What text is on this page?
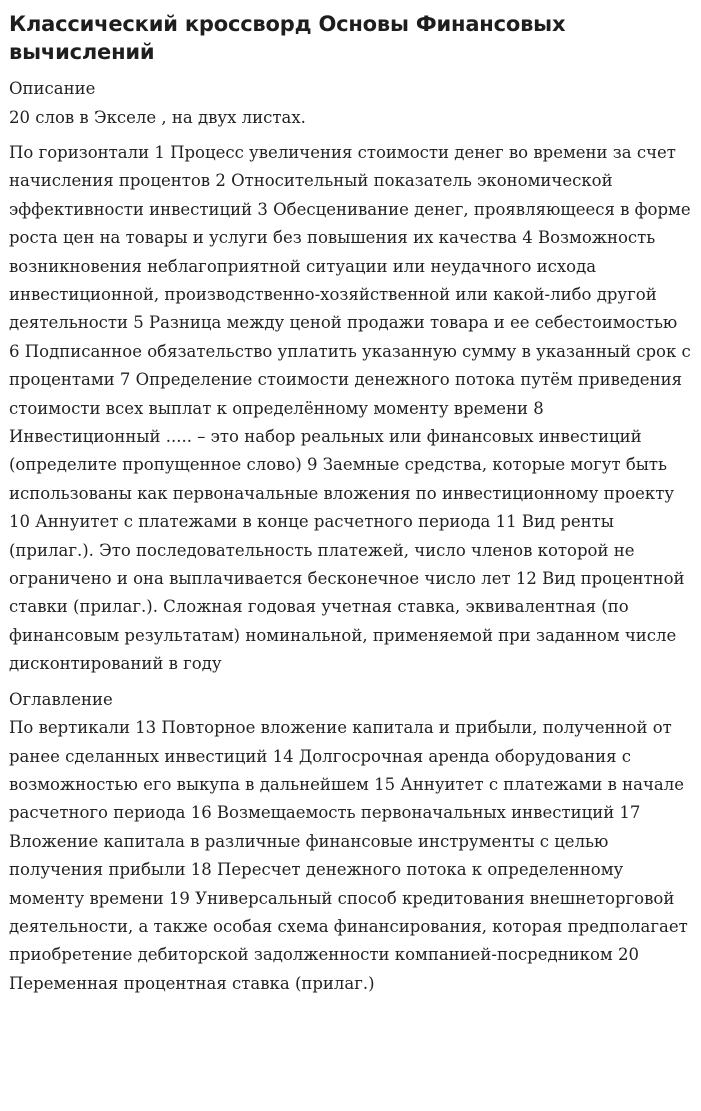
Классический кроссворд Основы Финансовых вычислений

Описание

20 слов в Экселе , на двух листах.

По горизонтали 1 Процесс увеличения стоимости денег во времени за счет начисления процентов 2 Относительный показатель экономической эффективности инвестиций 3 Обесценивание денег, проявляющееся в форме роста цен на товары и услуги без повышения их качества 4 Возможность возникновения неблагоприятной ситуации или неудачного исхода инвестиционной, производственно-хозяйственной или какой-либо другой деятельности 5 Разница между ценой продажи товара и ее себестоимостью 6 Подписанное обязательство уплатить указанную сумму в указанный срок с процентами 7 Определение стоимости денежного потока путём приведения стоимости всех выплат к определённому моменту времени 8 Инвестиционный ..... – это набор реальных или финансовых инвестиций (определите пропущенное слово) 9 Заемные средства, которые могут быть использованы как первоначальные вложения по инвестиционному проекту 10 Аннуитет с платежами в конце расчетного периода 11 Вид ренты (прилаг.). Это последовательность платежей, число членов которой не ограничено и она выплачивается бесконечное число лет 12 Вид процентной ставки (прилаг.). Сложная годовая учетная ставка, эквивалентная (по финансовым результатам) номинальной, применяемой при заданном числе дисконтирований в году

Оглавление

По вертикали 13 Повторное вложение капитала и прибыли, полученной от ранее сделанных инвестиций 14 Долгосрочная аренда оборудования с возможностью его выкупа в дальнейшем 15 Аннуитет с платежами в начале расчетного периода 16 Возмещаемость первоначальных инвестиций 17 Вложение капитала в различные финансовые инструменты с целью получения прибыли 18 Пересчет денежного потока к определенному моменту времени 19 Универсальный способ кредитования внешнеторговой деятельности, а также особая схема финансирования, которая предполагает приобретение дебиторской задолженности компанией-посредником 20 Переменная процентная ставка (прилаг.)
